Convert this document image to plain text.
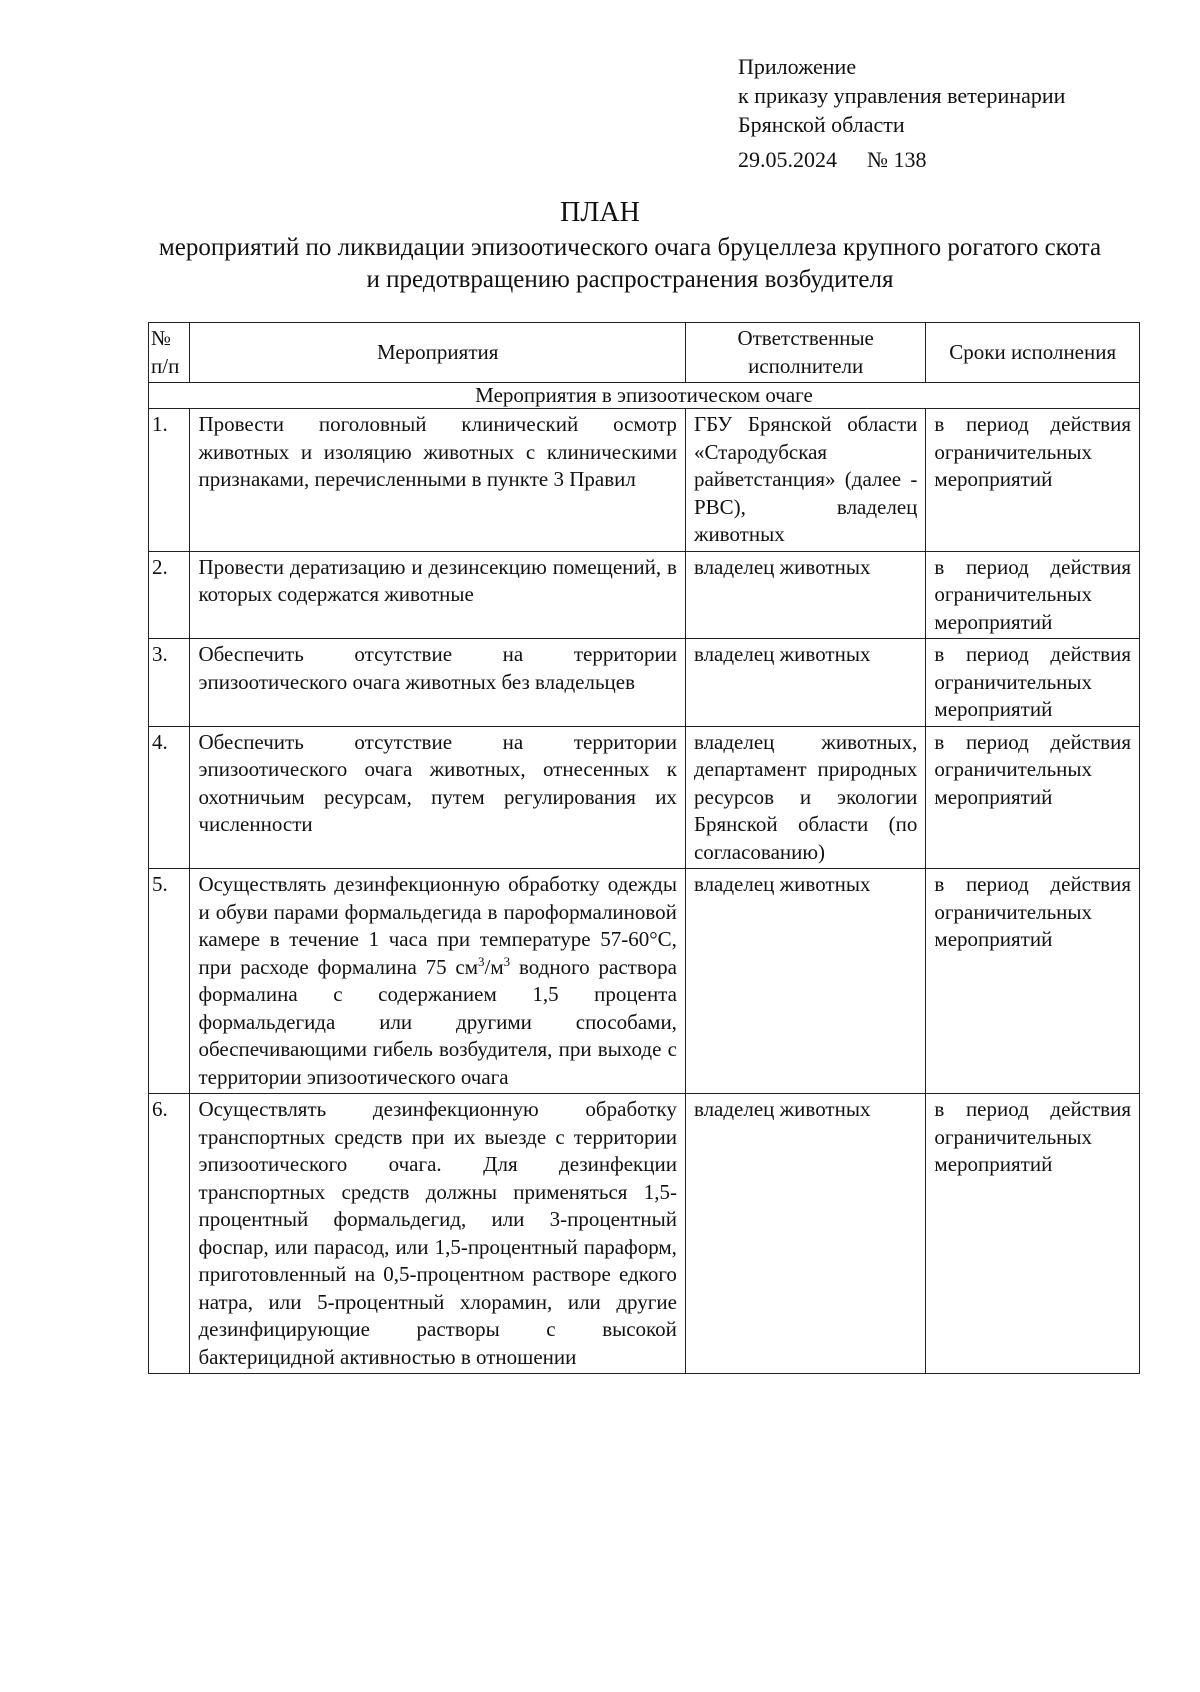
Приложение
к приказу управления ветеринарии
Брянской области
29.05.2024 № 138
ПЛАН
мероприятий по ликвидации эпизоотического очага бруцеллеза крупного рогатого скота и предотвращению распространения возбудителя
№ п/п	Мероприятия	Ответственные исполнители	Сроки исполнения
Мероприятия в эпизоотическом очаге			
1.	Провести поголовный клинический осмотр животных и изоляцию животных с клиническими признаками, перечисленными в пункте 3 Правил	ГБУ Брянской области «Стародубская райветстанция» (далее - РВС), владелец животных	в период действия ограничительных мероприятий
2.	Провести дератизацию и дезинсекцию помещений, в которых содержатся животные	владелец животных	в период действия ограничительных мероприятий
3.	Обеспечить отсутствие на территории эпизоотического очага животных без владельцев	владелец животных	в период действия ограничительных мероприятий
4.	Обеспечить отсутствие на территории эпизоотического очага животных, отнесенных к охотничьим ресурсам, путем регулирования их численности	владелец животных, департамент природных ресурсов и экологии Брянской области (по согласованию)	в период действия ограничительных мероприятий
5.	Осуществлять дезинфекционную обработку одежды и обуви парами формальдегида в пароформалиновой камере в течение 1 часа при температуре 57-60°С, при расходе формалина 75 $см^3/м^3$ водного раствора формалина с содержанием 1,5 процента формальдегида или другими способами, обеспечивающими гибель возбудителя, при выходе с территории эпизоотического очага	владелец животных	в период действия ограничительных мероприятий
6.	Осуществлять дезинфекционную обработку транспортных средств при их выезде с территории эпизоотического очага. Для дезинфекции транспортных средств должны применяться 1,5-процентный формальдегид, или 3-процентный фоспар, или парасод, или 1,5-процентный параформ, приготовленный на 0,5-процентном растворе едкого натра, или 5-процентный хлорамин, или другие дезинфицирующие растворы с высокой бактерицидной активностью в отношении	владелец животных	в период действия ограничительных мероприятий
